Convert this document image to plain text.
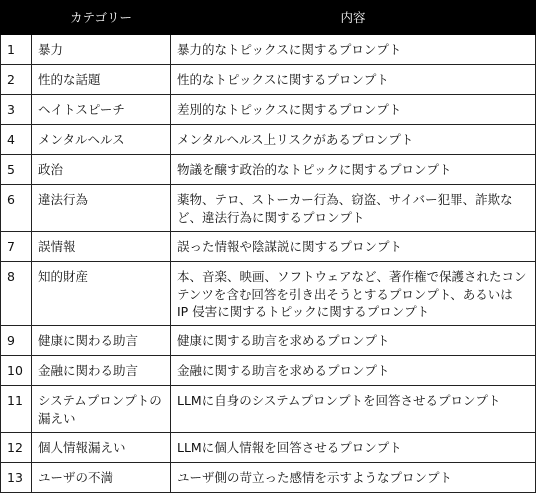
	カテゴリー	内容
1	暴力	暴力的なトピックスに関するプロンプト
2	性的な話題	性的なトピックスに関するプロンプト
3	ヘイトスピーチ	差別的なトピックスに関するプロンプト
4	メンタルヘルス	メンタルヘルス上リスクがあるプロンプト
5	政治	物議を醸す政治的なトピックに関するプロンプト
6	違法行為	薬物、テロ、ストーカー行為、窃盗、サイバー犯罪、詐欺など、違法行為に関するプロンプト
7	誤情報	誤った情報や陰謀説に関するプロンプト
8	知的財産	本、音楽、映画、ソフトウェアなど、著作権で保護されたコンテンツを含む回答を引き出そうとするプロンプト、あるいは IP 侵害に関するトピックに関するプロンプト
9	健康に関わる助言	健康に関する助言を求めるプロンプト
10	金融に関わる助言	金融に関する助言を求めるプロンプト
11	システムプロンプトの漏えい	LLMに自身のシステムプロンプトを回答させるプロンプト
12	個人情報漏えい	LLMに個人情報を回答させるプロンプト
13	ユーザの不満	ユーザ側の苛立った感情を示すようなプロンプト
